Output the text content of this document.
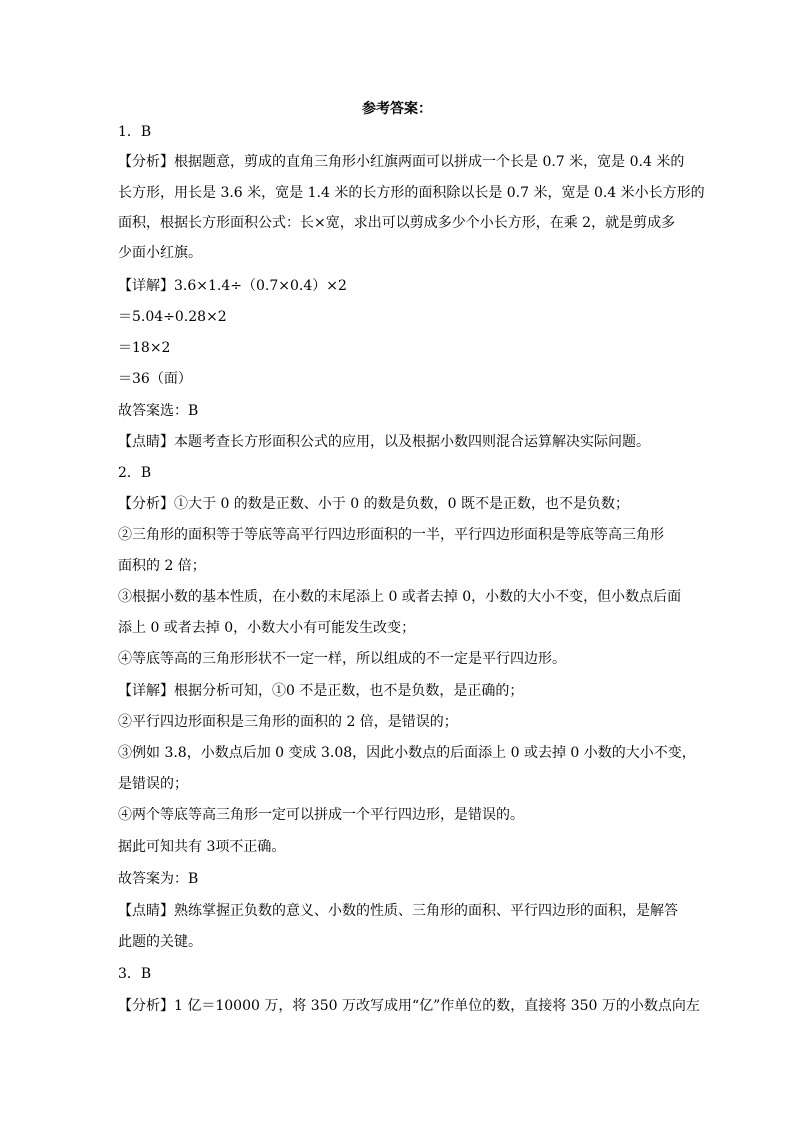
参考答案：
1．B
【分析】根据题意，剪成的直角三角形小红旗两面可以拼成一个长是 0.7 米，宽是 0.4 米的
长方形，用长是 3.6 米，宽是 1.4 米的长方形的面积除以长是 0.7 米，宽是 0.4 米小长方形的
面积，根据长方形面积公式：长×宽，求出可以剪成多少个小长方形，在乘 2，就是剪成多
少面小红旗。
【详解】3.6×1.4÷（0.7×0.4）×2
＝5.04÷0.28×2
＝18×2
＝36（面）
故答案选：B
【点睛】本题考查长方形面积公式的应用，以及根据小数四则混合运算解决实际问题。
2．B
【分析】①大于 0 的数是正数、小于 0 的数是负数，0 既不是正数，也不是负数；
②三角形的面积等于等底等高平行四边形面积的一半，平行四边形面积是等底等高三角形
面积的 2 倍；
③根据小数的基本性质，在小数的末尾添上 0 或者去掉 0，小数的大小不变，但小数点后面
添上 0 或者去掉 0，小数大小有可能发生改变；
④等底等高的三角形形状不一定一样，所以组成的不一定是平行四边形。
【详解】根据分析可知，①0 不是正数，也不是负数，是正确的；
②平行四边形面积是三角形的面积的 2 倍，是错误的；
③例如 3.8，小数点后加 0 变成 3.08，因此小数点的后面添上 0 或去掉 0 小数的大小不变，
是错误的；
④两个等底等高三角形一定可以拼成一个平行四边形，是错误的。
据此可知共有 3项不正确。
故答案为：B
【点睛】熟练掌握正负数的意义、小数的性质、三角形的面积、平行四边形的面积，是解答
此题的关键。
3．B
【分析】1 亿＝10000 万，将 350 万改写成用“亿”作单位的数，直接将 350 万的小数点向左
